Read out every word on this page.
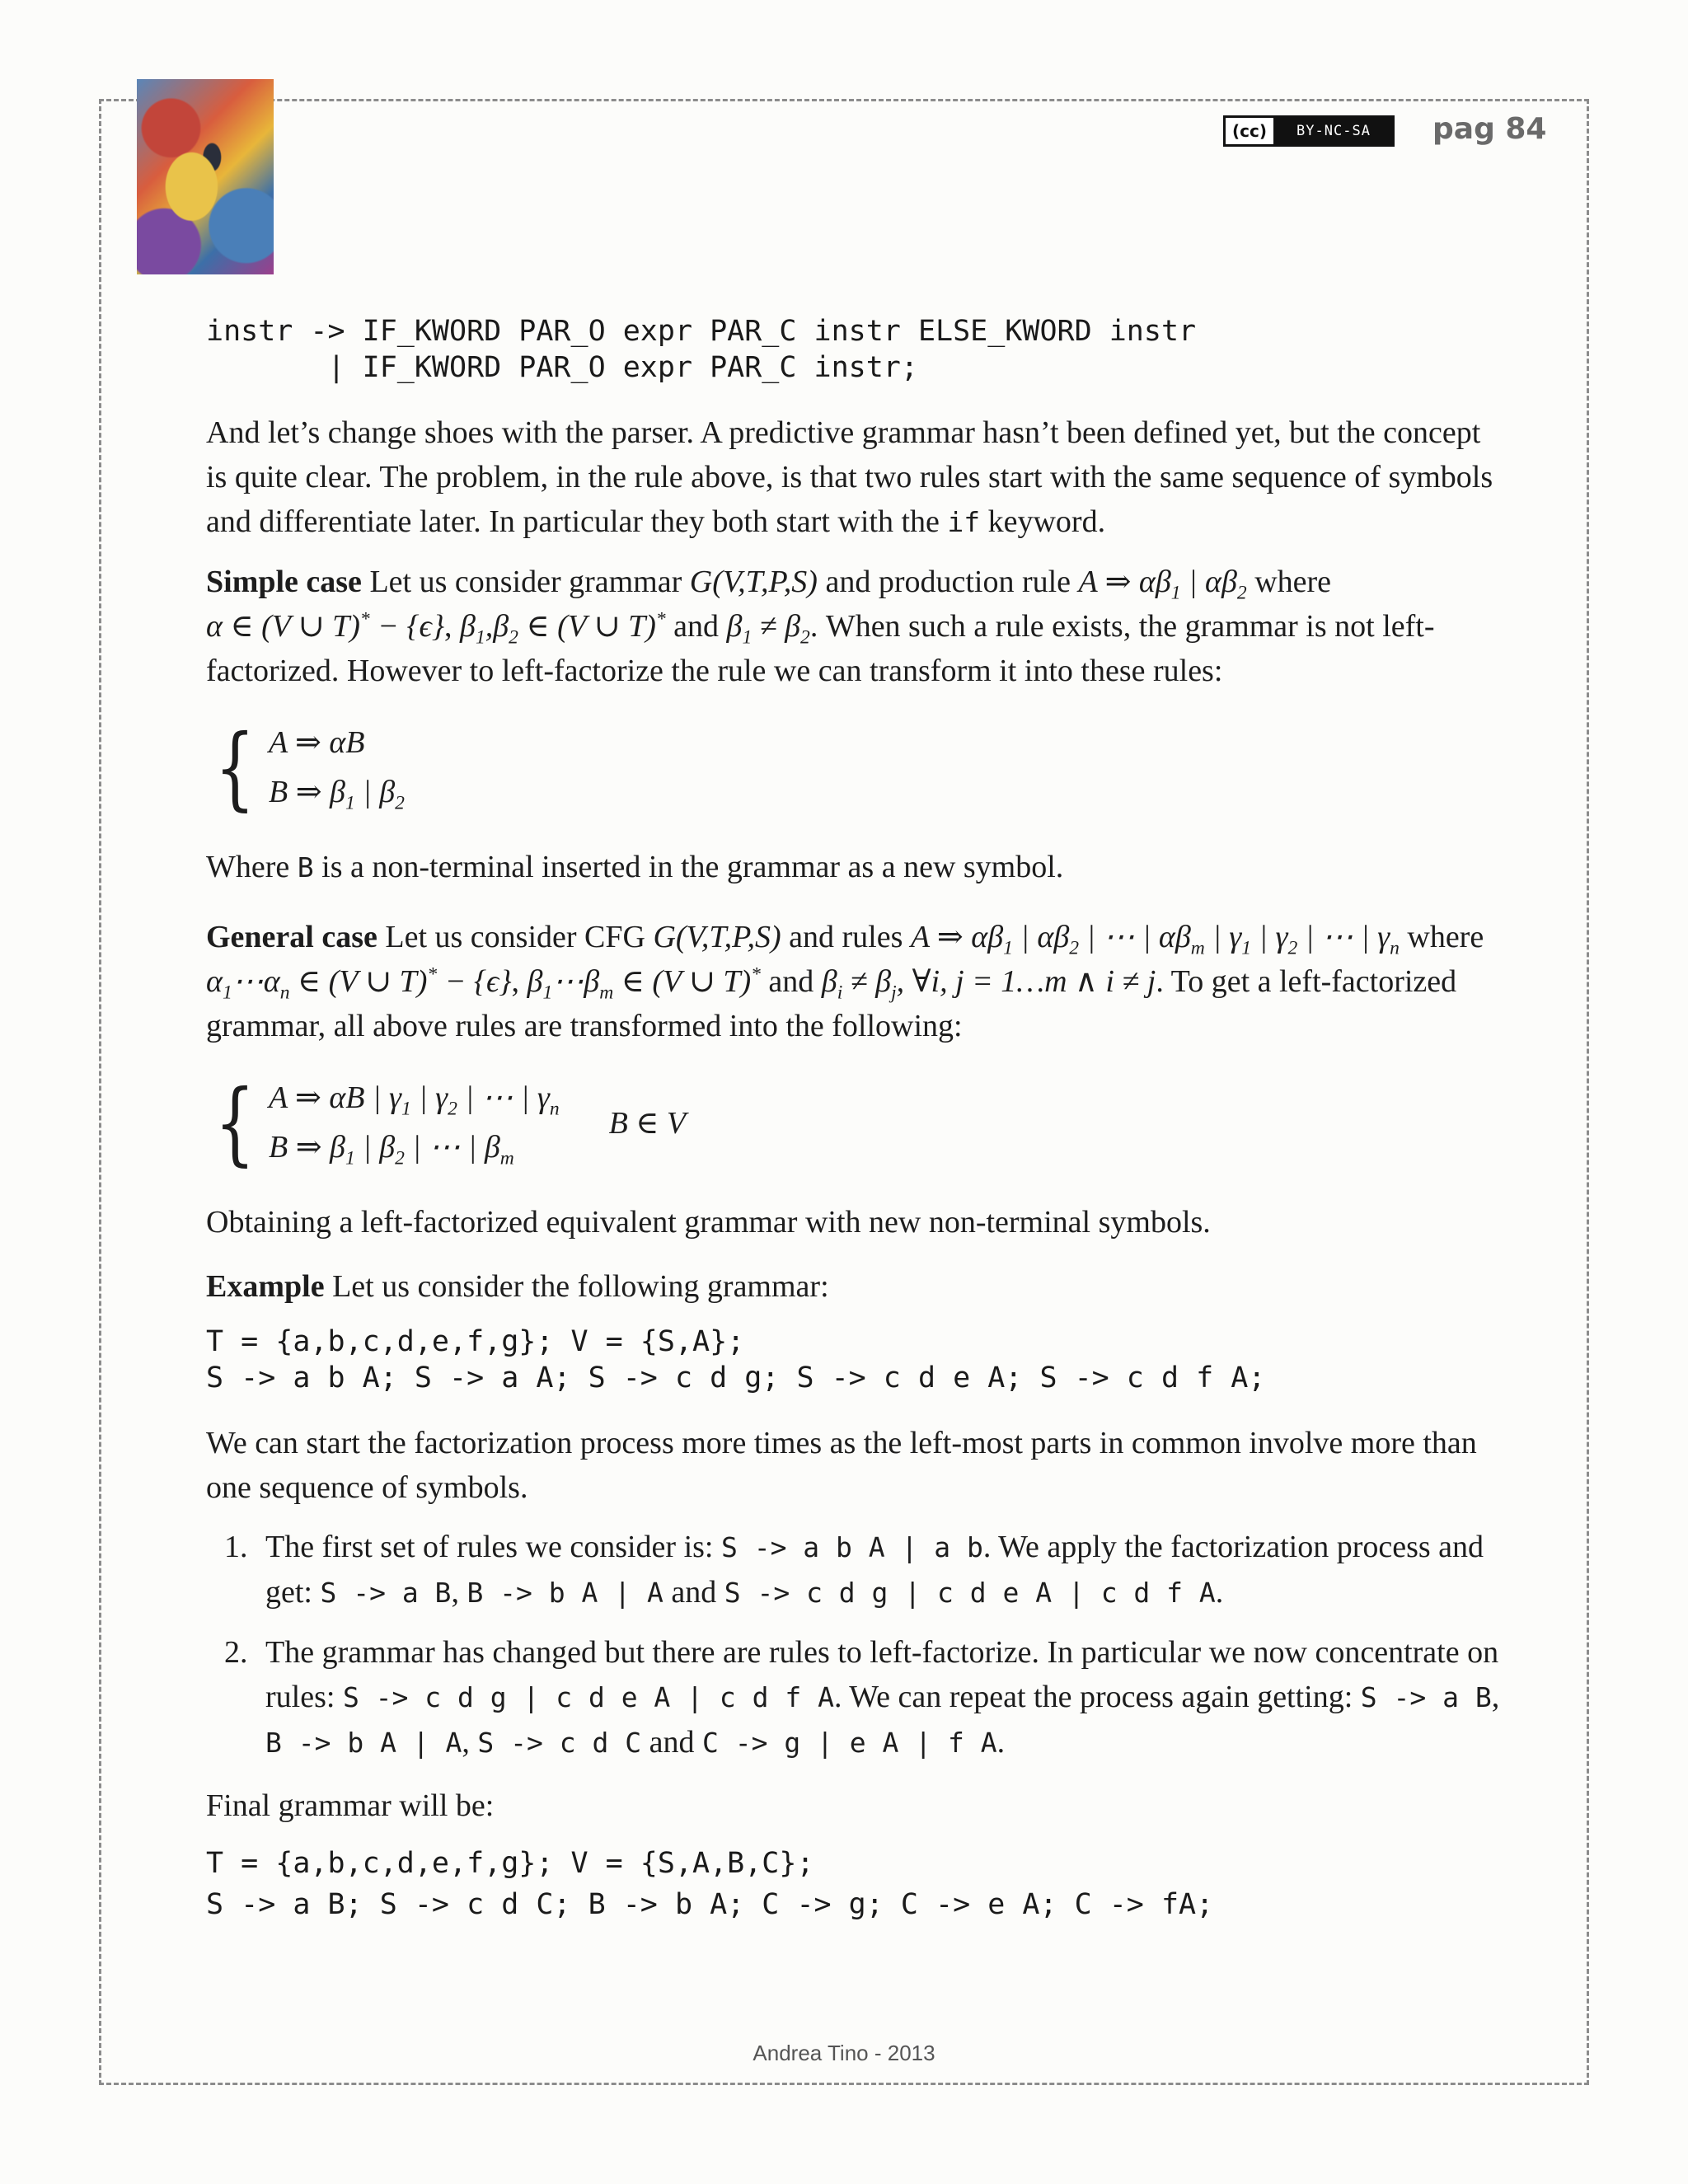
(cc)	BY-NC-SA	pag 84
instr -> IF_KWORD PAR_O expr PAR_C instr ELSE_KWORD instr
| IF_KWORD PAR_O expr PAR_C instr;

And let’s change shoes with the parser. A predictive grammar hasn’t been defined yet, but the concept is quite clear. The problem, in the rule above, is that two rules start with the same sequence of symbols and differentiate later. In particular they both start with the if keyword.

Simple case Let us consider grammar G(V,T,P,S) and production rule A ⇒ $\alpha\beta_1$ | $\alpha\beta_2$ where α ∈ (V ∪ T)* − {ϵ}, $\beta_1,\beta_2$ ∈ (V ∪ T)* and $\beta_1 \ne \beta_2$. When such a rule exists, the grammar is not left-factorized. However to left-factorize the rule we can transform it into these rules:

{ A ⇒ αB
B ⇒ $\beta_1$ | $\beta_2$

Where B is a non-terminal inserted in the grammar as a new symbol.

General case Let us consider CFG G(V,T,P,S) and rules A ⇒ $\alpha\beta_1$ | $\alpha\beta_2$ | ⋯ | $\alpha\beta_m$ | $\gamma_1$ | $\gamma_2$ | ⋯ | $\gamma_n$ where $\alpha_1\cdots\alpha_n$ ∈ (V ∪ T)* − {ϵ}, $\beta_1\cdots\beta_m$ ∈ (V ∪ T)* and $\beta_i \ne \beta_j$, ∀i, j = 1…m ∧ i ≠ j. To get a left-factorized grammar, all above rules are transformed into the following:

{ A ⇒ αB | $\gamma_1$ | $\gamma_2$ | ⋯ | $\gamma_n$
B ⇒ $\beta_1$ | $\beta_2$ | ⋯ | $\beta_m$
B ∈ V

Obtaining a left-factorized equivalent grammar with new non-terminal symbols.

Example Let us consider the following grammar:

T = {a,b,c,d,e,f,g}; V = {S,A};
S -> a b A; S -> a A; S -> c d g; S -> c d e A; S -> c d f A;

We can start the factorization process more times as the left-most parts in common involve more than one sequence of symbols.

1. The first set of rules we consider is: S -> a b A | a b. We apply the factorization process and get: S -> a B, B -> b A | A and S -> c d g | c d e A | c d f A.
2. The grammar has changed but there are rules to left-factorize. In particular we now concentrate on rules: S -> c d g | c d e A | c d f A. We can repeat the process again getting: S -> a B, B -> b A | A, S -> c d C and C -> g | e A | f A.

Final grammar will be:

T = {a,b,c,d,e,f,g}; V = {S,A,B,C};
S -> a B; S -> c d C; B -> b A; C -> g; C -> e A; C -> fA;
Andrea Tino - 2013
